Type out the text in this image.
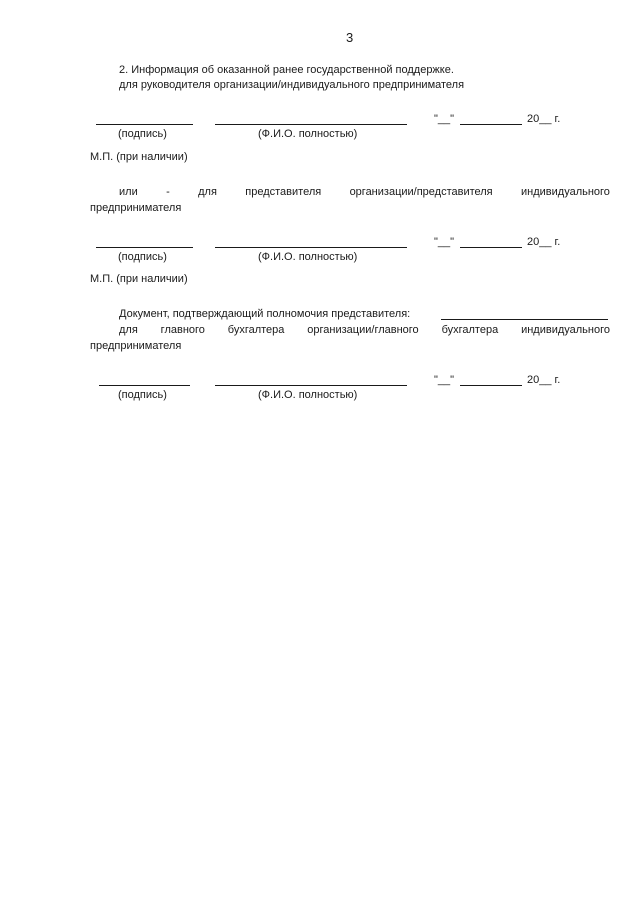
3
2. Информация об оказанной ранее государственной поддержке.
для руководителя организации/индивидуального предпринимателя
"__"	20__ г.
(подпись)	(Ф.И.О. полностью)
М.П. (при наличии)
или	-	для	представителя	организации/представителя	индивидуального
предпринимателя
"__"	20__ г.
(подпись)	(Ф.И.О. полностью)
М.П. (при наличии)
Документ, подтверждающий полномочия представителя:
для главного бухгалтера организации/главного бухгалтера индивидуального
предпринимателя
"__"	20__ г.
(подпись)	(Ф.И.О. полностью)
